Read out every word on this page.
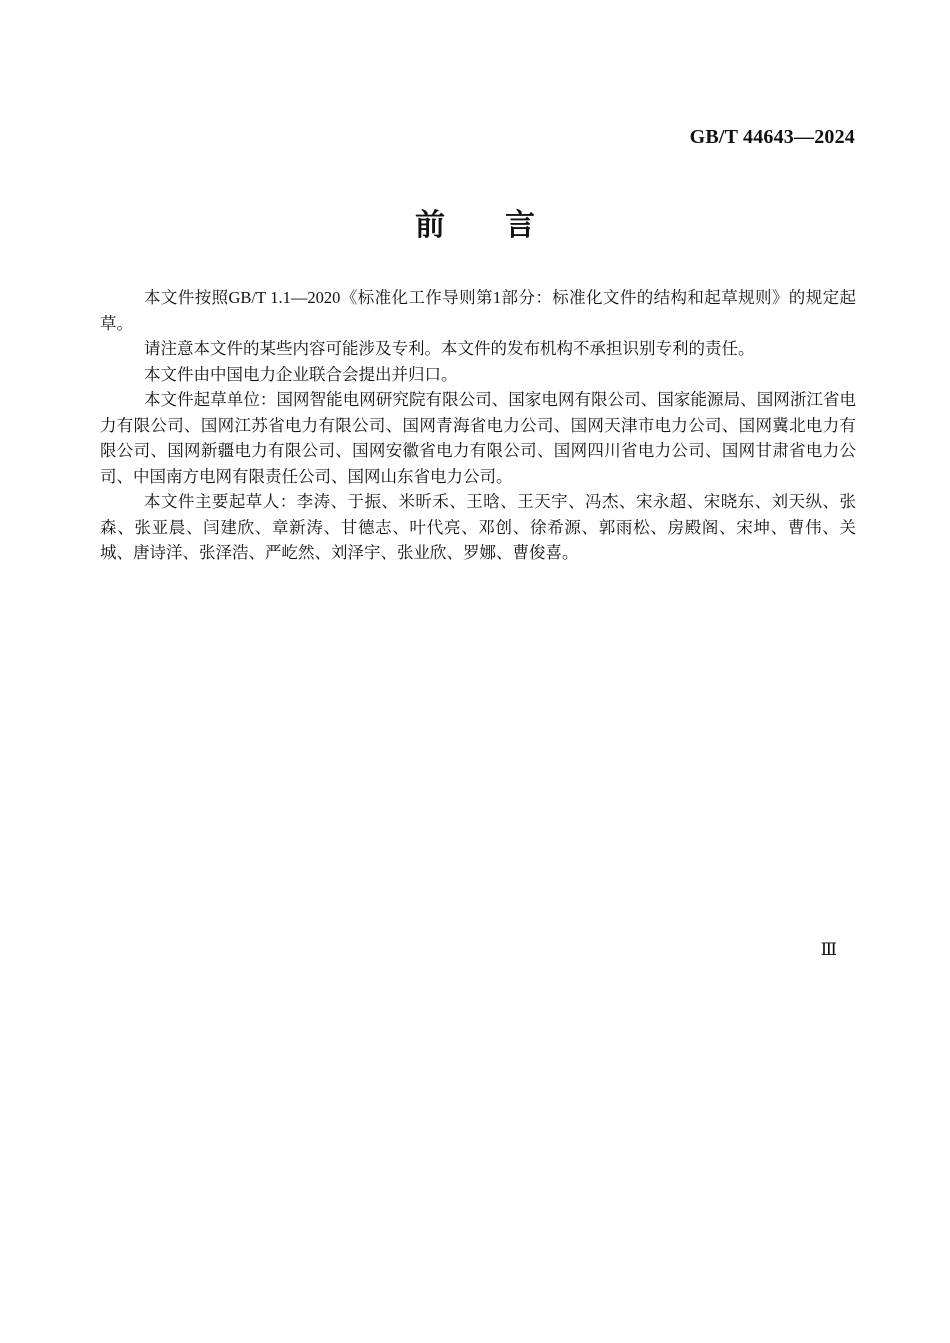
GB/T 44643—2024
前言

本文件按照GB/T 1.1—2020《标准化工作导则第1部分：标准化文件的结构和起草规则》的规定起草。

请注意本文件的某些内容可能涉及专利。本文件的发布机构不承担识别专利的责任。

本文件由中国电力企业联合会提出并归口。

本文件起草单位：国网智能电网研究院有限公司、国家电网有限公司、国家能源局、国网浙江省电力有限公司、国网江苏省电力有限公司、国网青海省电力公司、国网天津市电力公司、国网冀北电力有限公司、国网新疆电力有限公司、国网安徽省电力有限公司、国网四川省电力公司、国网甘肃省电力公司、中国南方电网有限责任公司、国网山东省电力公司。

本文件主要起草人：李涛、于振、米昕禾、王晗、王天宇、冯杰、宋永超、宋晓东、刘天纵、张森、张亚晨、闫建欣、章新涛、甘德志、叶代亮、邓创、徐希源、郭雨松、房殿阁、宋坤、曹伟、关城、唐诗洋、张泽浩、严屹然、刘泽宇、张业欣、罗娜、曹俊喜。

Ⅲ
